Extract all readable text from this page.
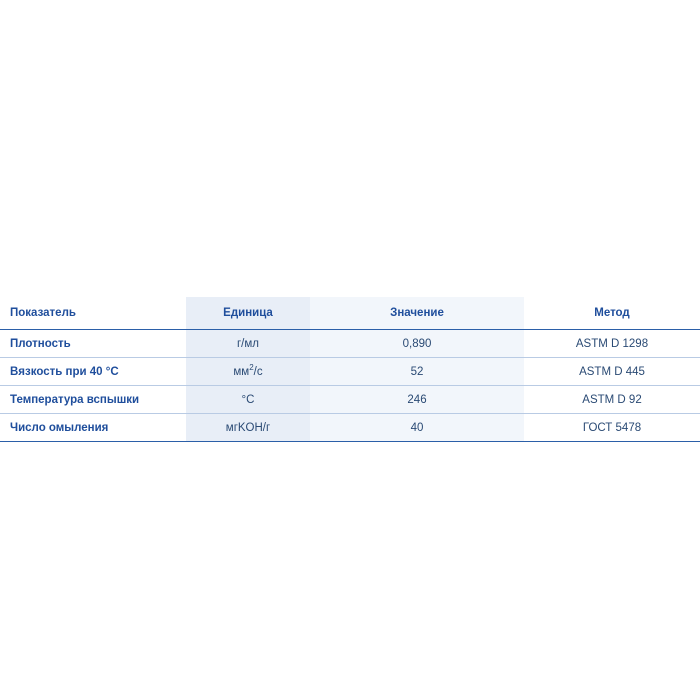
Показатель	Единица	Значение	Метод
Плотность	г/мл	0,890	ASTM D 1298
Вязкость при 40 °C	$мм^2/с$	52	ASTM D 445
Температура вспышки	°C	246	ASTM D 92
Число омыления	мгKOH/г	40	ГОСТ 5478
